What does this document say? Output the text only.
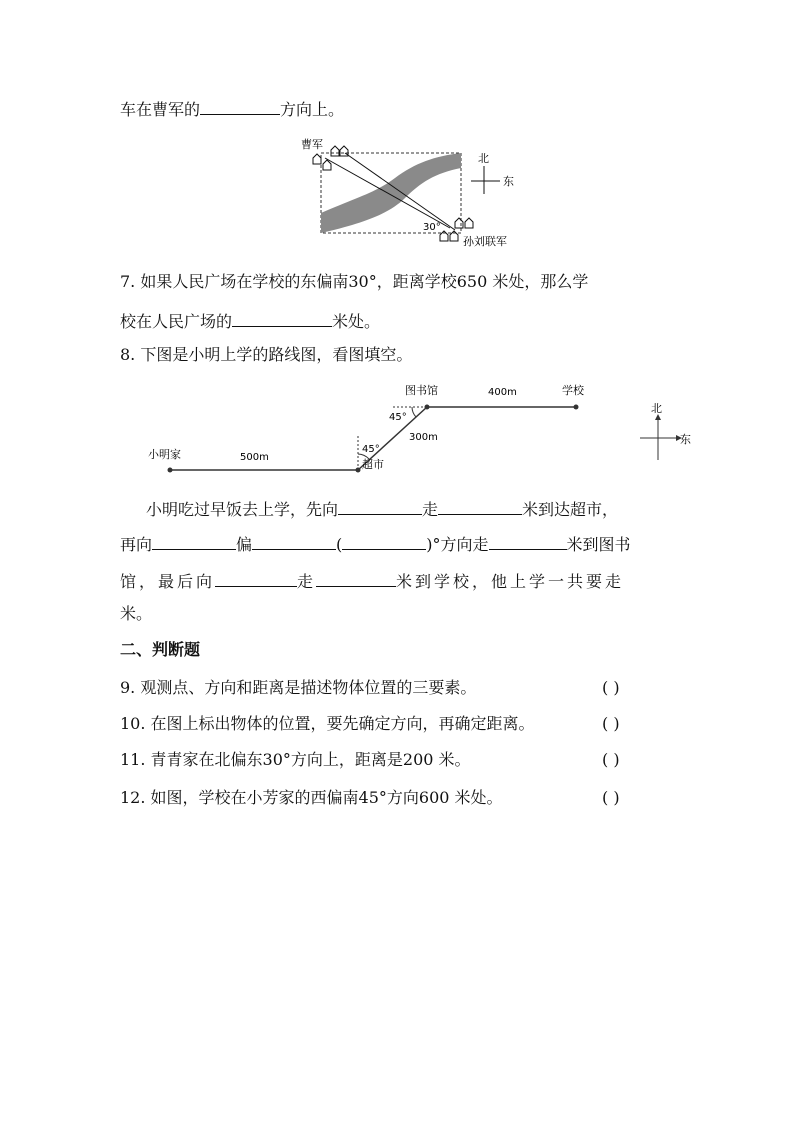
车在曹军的	方向上。
曹军
孙刘联军
30°
北
东
7. 如果人民广场在学校的东偏南30°，距离学校650 米处，那么学
校在人民广场的	米处。
8. 下图是小明上学的路线图，看图填空。
小明家	500m
超市
300m
45°
45°
图书馆	400m	学校
北
东
小明吃过早饭去上学，先向	走	米到达超市，
再向	偏	(	)°方向走	米到图书
馆，最后向	走	米到学校，他上学一共要走
米。
二、判断题
9. 观测点、方向和距离是描述物体位置的三要素。	( )
10. 在图上标出物体的位置，要先确定方向，再确定距离。	( )
11. 青青家在北偏东30°方向上，距离是200 米。	( )
12. 如图，学校在小芳家的西偏南45°方向600 米处。	( )
